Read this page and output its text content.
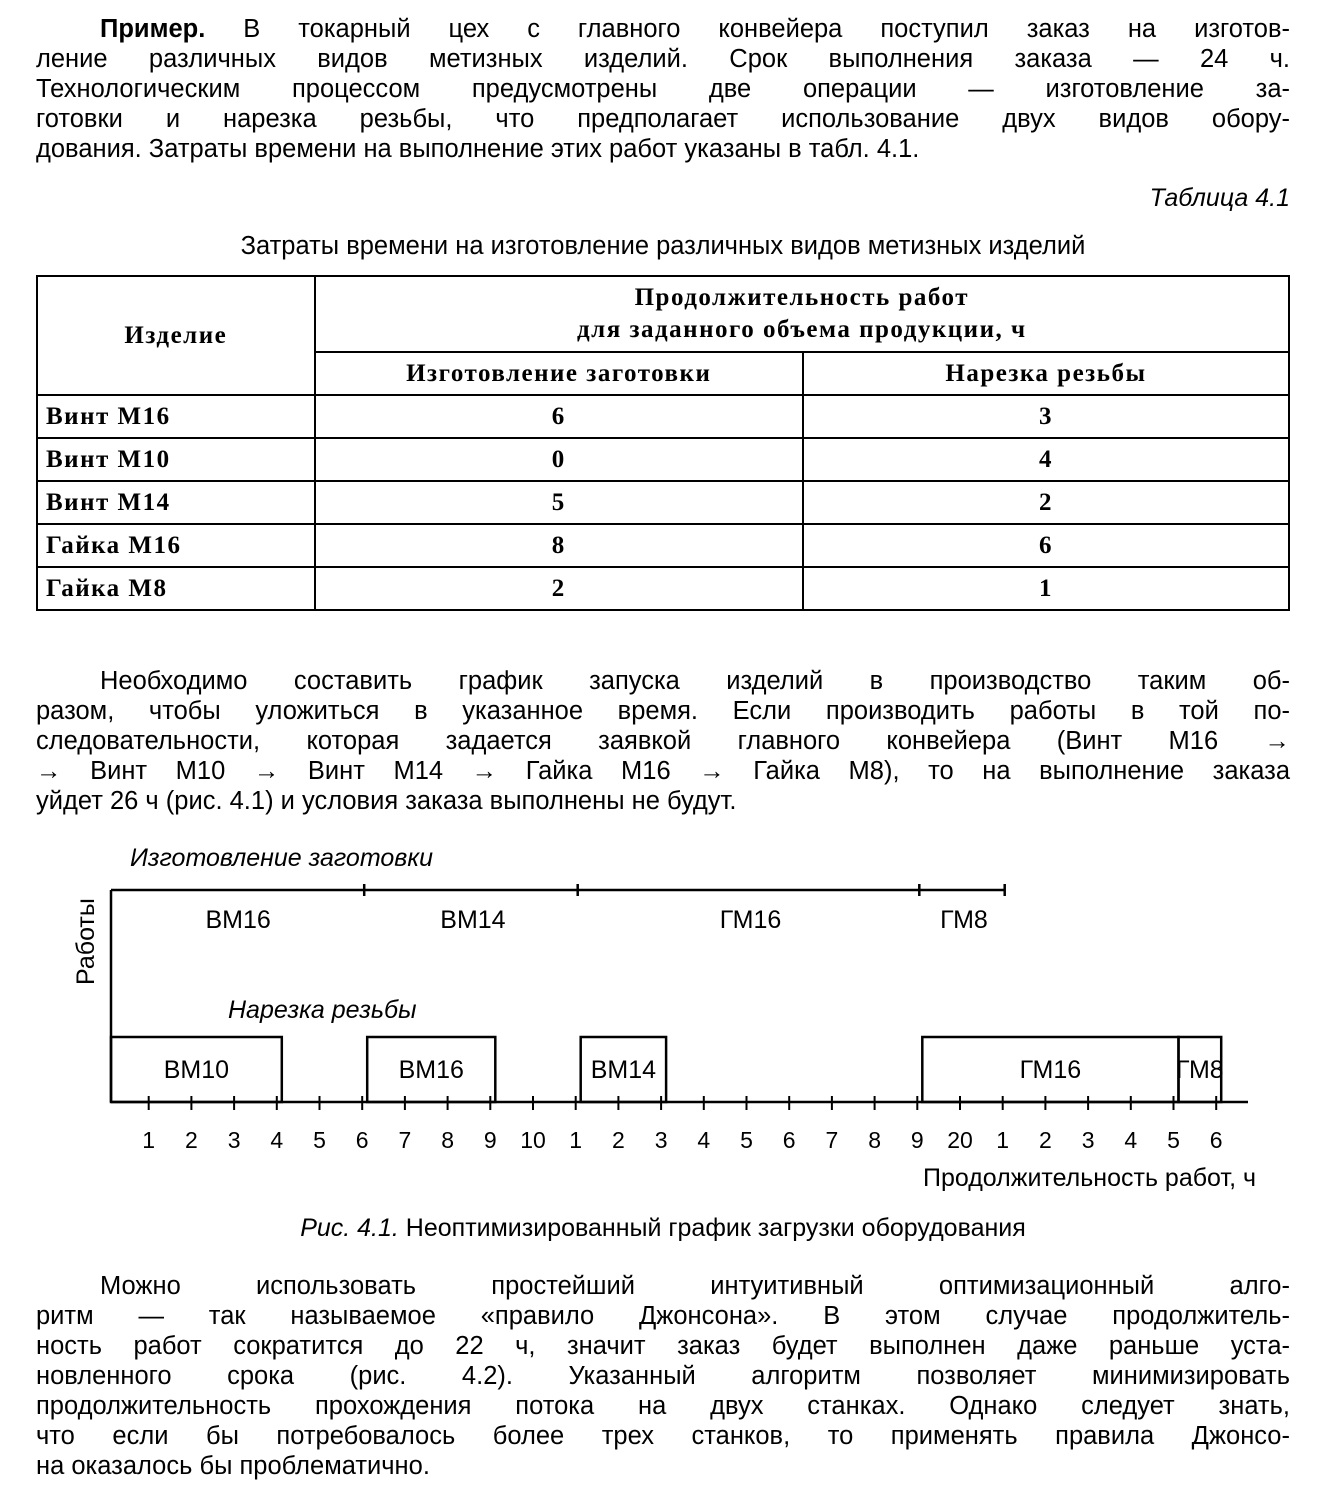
Пример. В токарный цех с главного конвейера поступил заказ на изготов-
ление различных видов метизных изделий. Срок выполнения заказа — 24 ч.
Технологическим процессом предусмотрены две операции — изготовление за-
готовки и нарезка резьбы, что предполагает использование двух видов обору-
дования. Затраты времени на выполнение этих работ указаны в табл. 4.1.
Таблица 4.1
Затраты времени на изготовление различных видов метизных изделий
Изделие	Продолжительность работ
для заданного объема продукции, ч	
	Изготовление заготовки	Нарезка резьбы
Винт М16	6	3
Винт М10	0	4
Винт М14	5	2
Гайка М16	8	6
Гайка М8	2	1
Необходимо составить график запуска изделий в производство таким об-
разом, чтобы уложиться в указанное время. Если производить работы в той по-
следовательности, которая задается заявкой главного конвейера (Винт М16 →
→ Винт М10 → Винт М14 → Гайка М16 → Гайка М8), то на выполнение заказа
уйдет 26 ч (рис. 4.1) и условия заказа выполнены не будут.
Изготовление заготовки
Нарезка резьбы
Работы	ВМ16	ВМ14	ГМ16	ГМ8
ВМ10	ВМ16	ВМ14	ГМ16	ГМ8
1 2 3 4 5 6 7 8 9 10 1 2 3 4 5 6 7 8 9 20 1 2 3 4 5 6
Продолжительность работ, ч
Рис. 4.1. Неоптимизированный график загрузки оборудования
Можно использовать простейший интуитивный оптимизационный алго-
ритм — так называемое «правило Джонсона». В этом случае продолжитель-
ность работ сократится до 22 ч, значит заказ будет выполнен даже раньше уста-
новленного срока (рис. 4.2). Указанный алгоритм позволяет минимизировать
продолжительность прохождения потока на двух станках. Однако следует знать,
что если бы потребовалось более трех станков, то применять правила Джонсо-
на оказалось бы проблематично.
